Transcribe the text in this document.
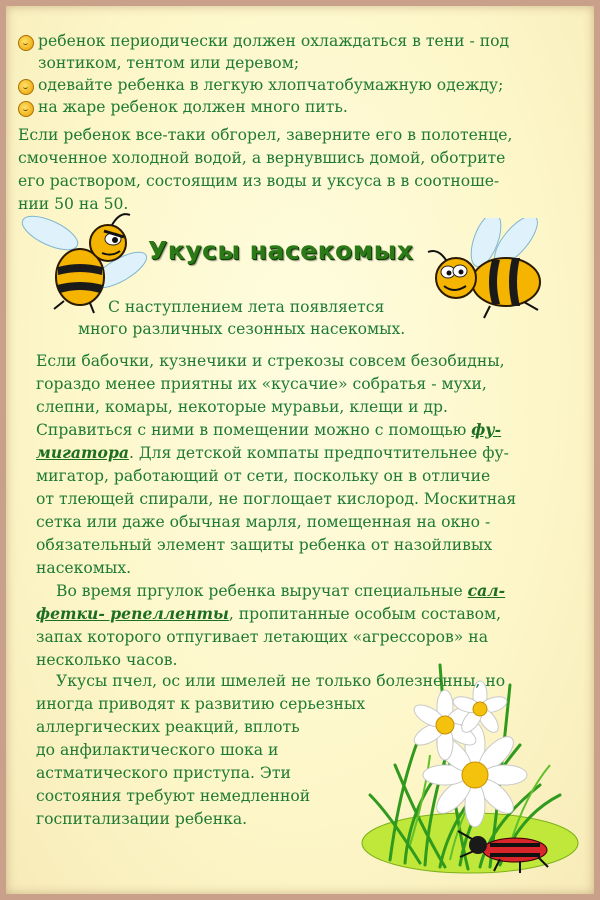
ребенок периодически должен охлаждаться в тени - под
зонтиком, тентом или деревом;
одевайте ребенка в легкую хлопчатобумажную одежду;
на жаре ребенок должен много пить.
Если ребенок все-таки обгорел, заверните его в полотенце,
смоченное холодной водой, а вернувшись домой, оботрите
его раствором, состоящим из воды и уксуса в в соотноше-
нии 50 на 50.
Укусы насекомых
С наступлением лета появляется
много различных сезонных насекомых.
Если бабочки, кузнечики и стрекозы совсем безобидны,
гораздо менее приятны их «кусачие» собратья - мухи,
слепни, комары, некоторые муравьи, клещи и др.
Справиться с ними в помещении можно с помощью фу-
мигатора. Для детской компаты предпочтительнее фу-
мигатор, работающий от сети, поскольку он в отличие
от тлеющей спирали, не поглощает кислород. Москитная
сетка или даже обычная марля, помещенная на окно -
обязательный элемент защиты ребенка от назойливых
насекомых.
Во время пргулок ребенка выручат специальные сал-
фетки- репелленты, пропитанные особым составом,
запах которого отпугивает летающих «агрессоров» на
несколько часов.
Укусы пчел, ос или шмелей не только болезненны, но
иногда приводят к развитию серьезных
аллергических реакций, вплоть
до анфилактического шока и
астматического приступа. Эти
состояния требуют немедленной
госпитализации ребенка.
